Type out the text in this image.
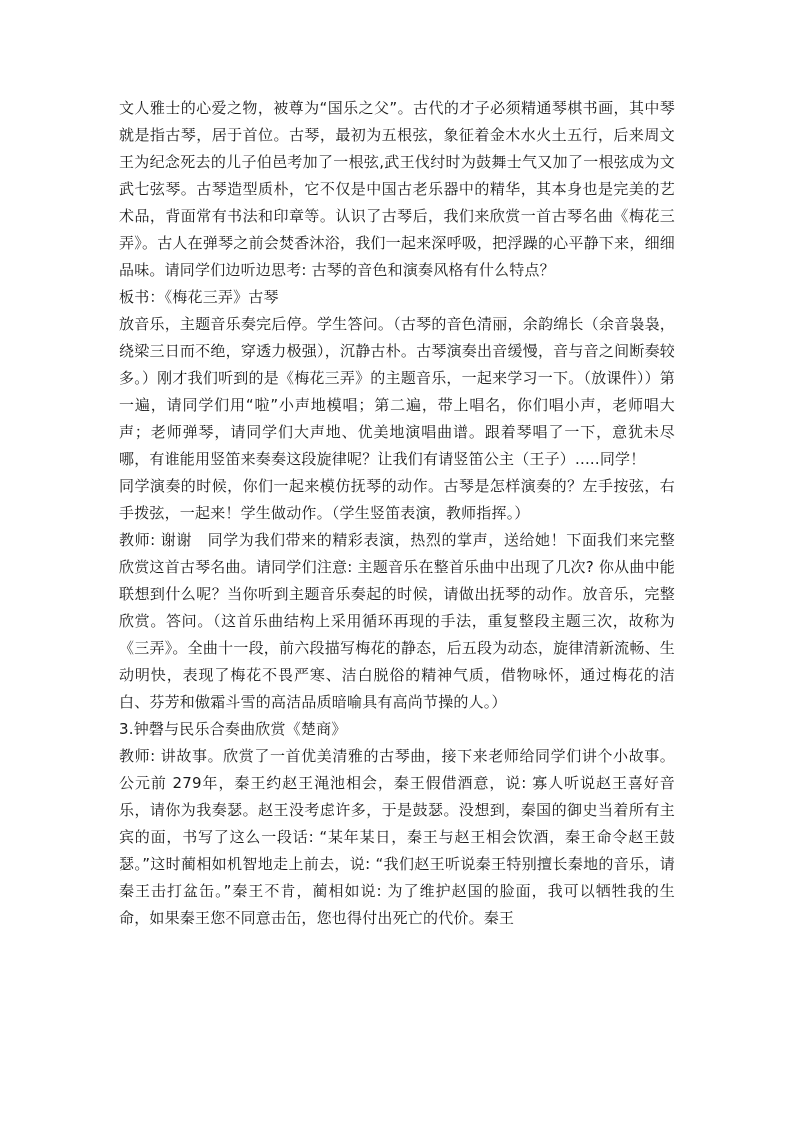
文人雅士的心爱之物，被尊为“国乐之父”。古代的才子必须精通琴棋书画，其中琴就是指古琴，居于首位。古琴，最初为五根弦，象征着金木水火土五行，后来周文王为纪念死去的儿子伯邑考加了一根弦,武王伐纣时为鼓舞士气又加了一根弦成为文武七弦琴。古琴造型质朴，它不仅是中国古老乐器中的精华，其本身也是完美的艺术品，背面常有书法和印章等。认识了古琴后，我们来欣赏一首古琴名曲《梅花三弄》。古人在弹琴之前会焚香沐浴，我们一起来深呼吸，把浮躁的心平静下来，细细品味。请同学们边听边思考: 古琴的音色和演奏风格有什么特点？

板书：《梅花三弄》古琴

放音乐，主题音乐奏完后停。学生答问。（古琴的音色清丽，余韵绵长（余音袅袅，绕梁三日而不绝，穿透力极强），沉静古朴。古琴演奏出音缓慢，音与音之间断奏较多。）刚才我们听到的是《梅花三弄》的主题音乐，一起来学习一下。（放课件））第一遍，请同学们用“啦”小声地模唱；第二遍，带上唱名，你们唱小声，老师唱大声；老师弹琴，请同学们大声地、优美地演唱曲谱。跟着琴唱了一下，意犹未尽哪，有谁能用竖笛来奏奏这段旋律呢？让我们有请竖笛公主（王子）.....同学！

同学演奏的时候，你们一起来模仿抚琴的动作。古琴是怎样演奏的？左手按弦，右手拨弦，一起来！学生做动作。（学生竖笛表演，教师指挥。）

教师: 谢谢　同学为我们带来的精彩表演，热烈的掌声，送给她！下面我们来完整欣赏这首古琴名曲。请同学们注意: 主题音乐在整首乐曲中出现了几次? 你从曲中能联想到什么呢？当你听到主题音乐奏起的时候，请做出抚琴的动作。放音乐，完整欣赏。答问。（这首乐曲结构上采用循环再现的手法，重复整段主题三次，故称为《三弄》。全曲十一段，前六段描写梅花的静态，后五段为动态，旋律清新流畅、生动明快，表现了梅花不畏严寒、洁白脱俗的精神气质，借物咏怀，通过梅花的洁白、芬芳和傲霜斗雪的高洁品质暗喻具有高尚节操的人。）

3.钟磬与民乐合奏曲欣赏《楚商》

教师: 讲故事。欣赏了一首优美清雅的古琴曲，接下来老师给同学们讲个小故事。公元前 279年，秦王约赵王渑池相会，秦王假借酒意，说: 寡人听说赵王喜好音乐，请你为我奏瑟。赵王没考虑许多，于是鼓瑟。没想到，秦国的御史当着所有主宾的面，书写了这么一段话: “某年某日，秦王与赵王相会饮酒，秦王命令赵王鼓瑟。”这时蔺相如机智地走上前去，说: “我们赵王听说秦王特别擅长秦地的音乐，请秦王击打盆缶。”秦王不肯，蔺相如说: 为了维护赵国的脸面，我可以牺牲我的生命，如果秦王您不同意击缶，您也得付出死亡的代价。秦王
